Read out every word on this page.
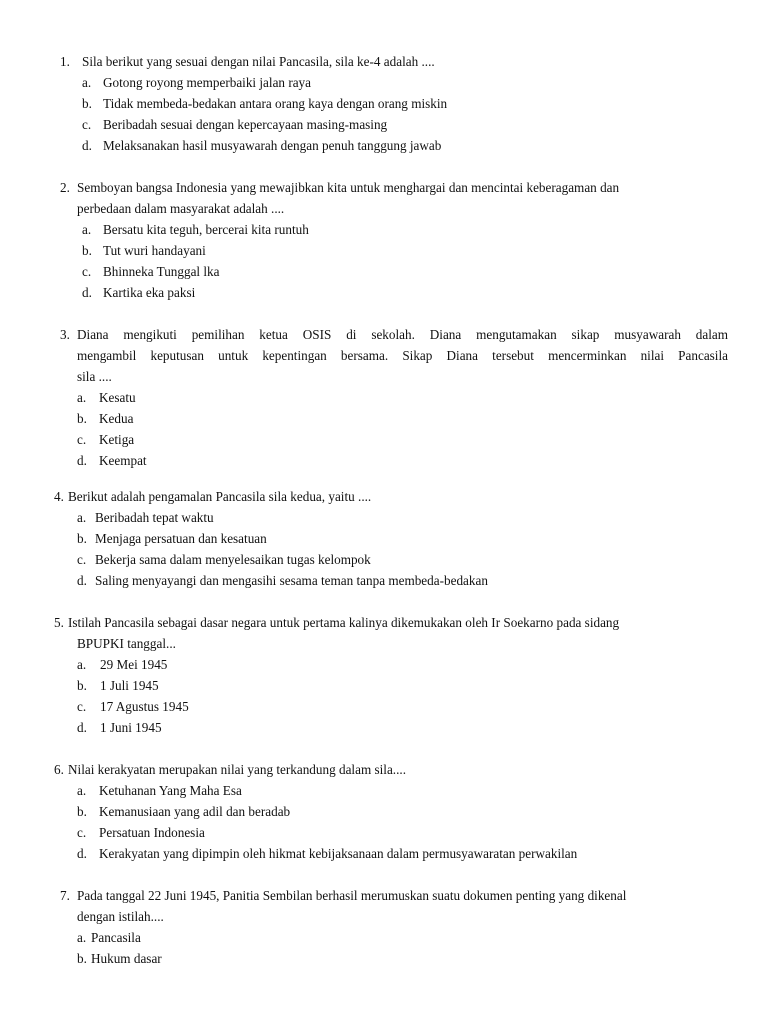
1. Sila berikut yang sesuai dengan nilai Pancasila, sila ke-4 adalah ....
a. Gotong royong memperbaiki jalan raya
b. Tidak membeda-bedakan antara orang kaya dengan orang miskin
c. Beribadah sesuai dengan kepercayaan masing-masing
d. Melaksanakan hasil musyawarah dengan penuh tanggung jawab
2. Semboyan bangsa Indonesia yang mewajibkan kita untuk menghargai dan mencintai keberagaman dan
perbedaan dalam masyarakat adalah ....
a. Bersatu kita teguh, bercerai kita runtuh
b. Tut wuri handayani
c. Bhinneka Tunggal lka
d. Kartika eka paksi
3. Diana mengikuti pemilihan ketua OSIS di sekolah. Diana mengutamakan sikap musyawarah dalam
mengambil keputusan untuk kepentingan bersama. Sikap Diana tersebut mencerminkan nilai Pancasila
sila ....
a. Kesatu
b. Kedua
c. Ketiga
d. Keempat
4. Berikut adalah pengamalan Pancasila sila kedua, yaitu ....
a. Beribadah tepat waktu
b. Menjaga persatuan dan kesatuan
c. Bekerja sama dalam menyelesaikan tugas kelompok
d. Saling menyayangi dan mengasihi sesama teman tanpa membeda-bedakan
5. Istilah Pancasila sebagai dasar negara untuk pertama kalinya dikemukakan oleh Ir Soekarno pada sidang
BPUPKI tanggal...
a. 29 Mei 1945
b. 1 Juli 1945
c. 17 Agustus 1945
d. 1 Juni 1945
6. Nilai kerakyatan merupakan nilai yang terkandung dalam sila....
a. Ketuhanan Yang Maha Esa
b. Kemanusiaan yang adil dan beradab
c. Persatuan Indonesia
d. Kerakyatan yang dipimpin oleh hikmat kebijaksanaan dalam permusyawaratan perwakilan
7. Pada tanggal 22 Juni 1945, Panitia Sembilan berhasil merumuskan suatu dokumen penting yang dikenal
dengan istilah....
a. Pancasila
b. Hukum dasar
